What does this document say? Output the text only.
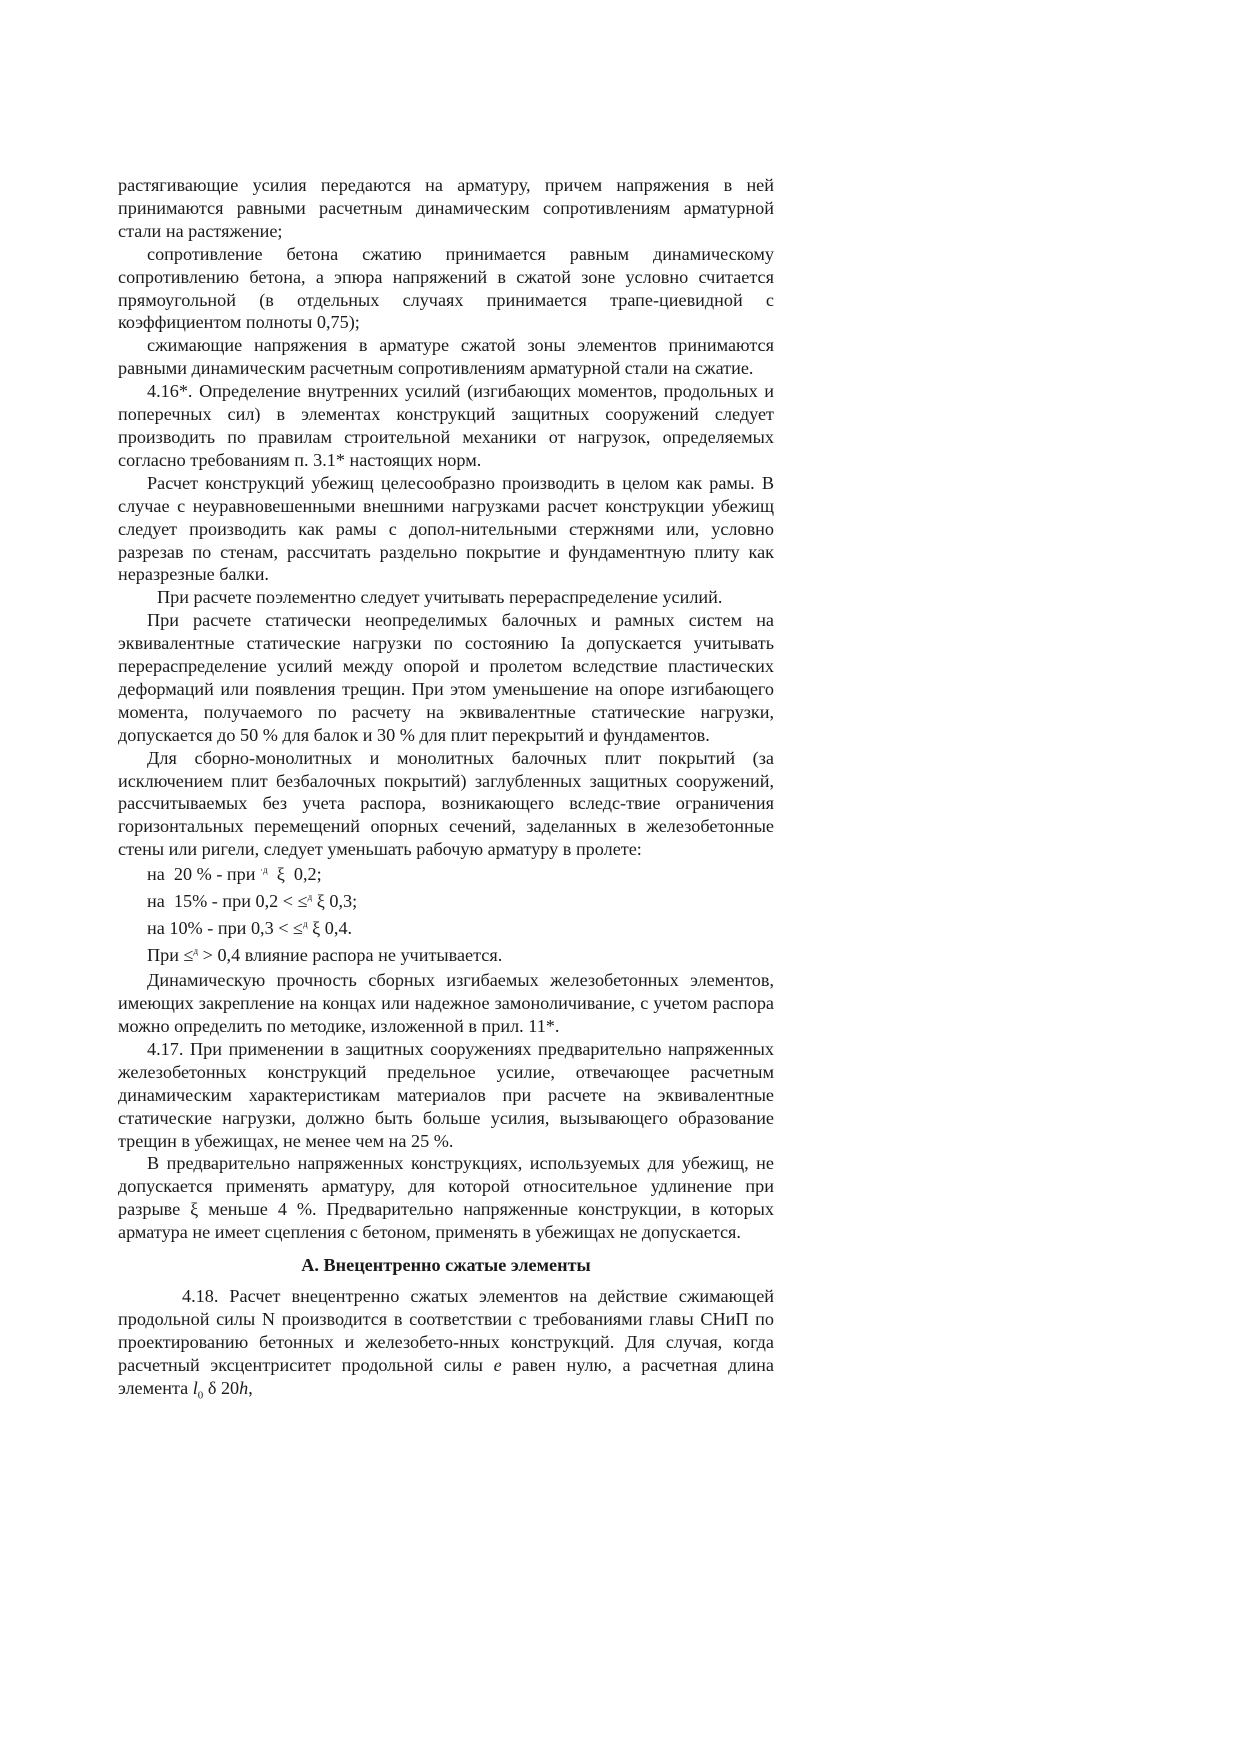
растягивающие усилия передаются на арматуру, причем напряжения в ней принимаются равными расчетным динамическим сопротивлениям арматурной стали на растяжение;

сопротивление бетона сжатию принимается равным динамическому сопротивлению бетона, а эпюра напряжений в сжатой зоне условно считается прямоугольной (в отдельных случаях принимается трапе-циевидной с коэффициентом полноты 0,75);

сжимающие напряжения в арматуре сжатой зоны элементов принимаются равными динамическим расчетным сопротивлениям арматурной стали на сжатие.

4.16*. Определение внутренних усилий (изгибающих моментов, продольных и поперечных сил) в элементах конструкций защитных сооружений следует производить по правилам строительной механики от нагрузок, определяемых согласно требованиям п. 3.1* настоящих норм.

Расчет конструкций убежищ целесообразно производить в целом как рамы. В случае с неуравновешенными внешними нагрузками расчет конструкции убежищ следует производить как рамы с допол-нительными стержнями или, условно разрезав по стенам, рассчитать раздельно покрытие и фундаментную плиту как неразрезные балки.

При расчете поэлементно следует учитывать перераспределение усилий.

При расчете статически неопределимых балочных и рамных систем на эквивалентные статические нагрузки по состоянию Iа допускается учитывать перераспределение усилий между опорой и пролетом вследствие пластических деформаций или появления трещин. При этом уменьшение на опоре изгибающего момента, получаемого по расчету на эквивалентные статические нагрузки, допускается до 50 % для балок и 30 % для плит перекрытий и фундаментов.

Для сборно-монолитных и монолитных балочных плит покрытий (за исключением плит безбалочных покрытий) заглубленных защитных сооружений, рассчитываемых без учета распора, возникающего вследс-твие ограничения горизонтальных перемещений опорных сечений, заделанных в железобетонные стены или ригели, следует уменьшать рабочую арматуру в пролете:

на  20 % - при $^{\cdot д}$  ξ  0,2;

на  15% - при 0,2 < ≤$^д$ ξ 0,3;

на 10% - при 0,3 < ≤$^д$ ξ 0,4.

При ≤$^д$ > 0,4 влияние распора не учитывается.

Динамическую прочность сборных изгибаемых железобетонных элементов, имеющих закрепление на концах или надежное замоноличивание, с учетом распора можно определить по методике, изложенной в прил. 11*.

4.17. При применении в защитных сооружениях предварительно напряженных железобетонных конструкций предельное усилие, отвечающее расчетным динамическим характеристикам материалов при расчете на эквивалентные статические нагрузки, должно быть больше усилия, вызывающего образование трещин в убежищах, не менее чем на 25 %.

В предварительно напряженных конструкциях, используемых для убежищ, не допускается применять арматуру, для которой относительное удлинение при разрыве ξ меньше 4 %. Предварительно напряженные конструкции, в которых арматура не имеет сцепления с бетоном, применять в убежищах не допускается.

А. Внецентренно сжатые элементы

4.18. Расчет внецентренно сжатых элементов на действие сжимающей продольной силы N производится в соответствии с требованиями главы СНиП по проектированию бетонных и железобето-нных конструкций. Для случая, когда расчетный эксцентриситет продольной силы e равен нулю, а расчетная длина элемента $l_0$ δ 20h,
